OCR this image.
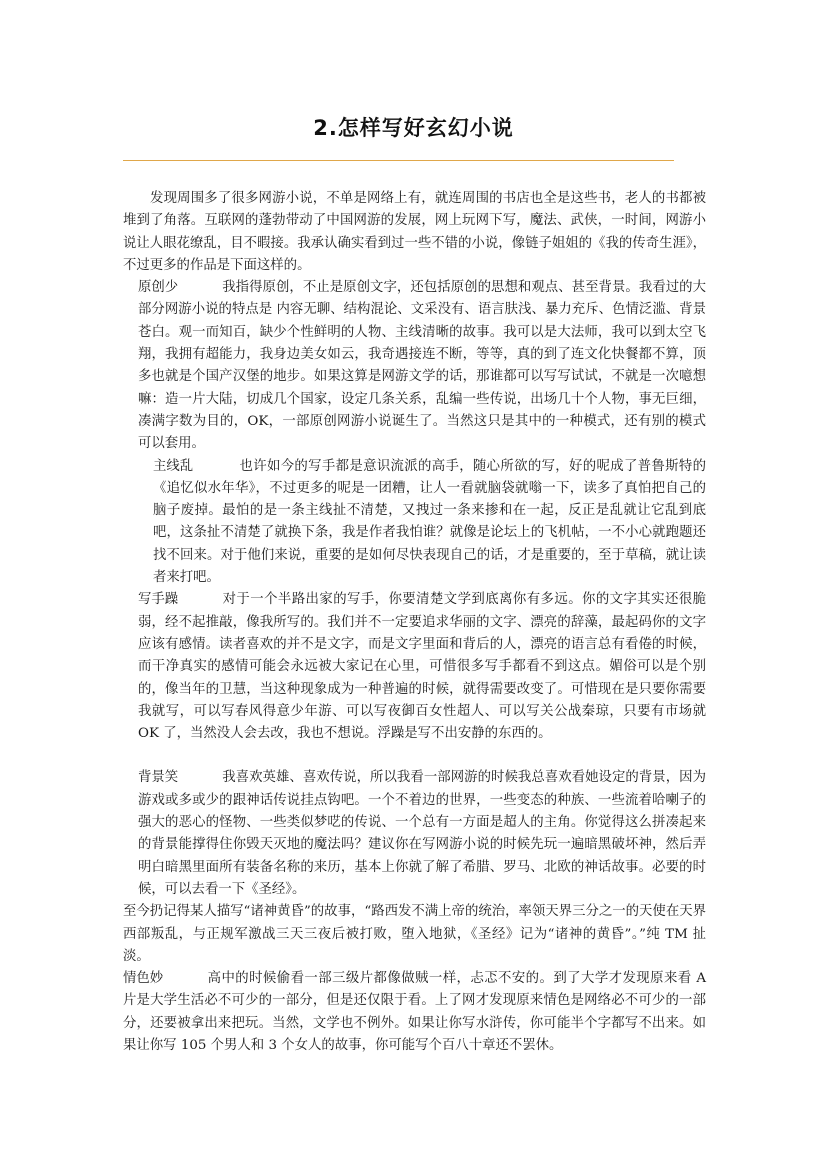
2.怎样写好玄幻小说

发现周围多了很多网游小说，不单是网络上有，就连周围的书店也全是这些书，老人的书都被堆到了角落。互联网的蓬勃带动了中国网游的发展，网上玩网下写，魔法、武侠，一时间，网游小说让人眼花缭乱，目不暇接。我承认确实看到过一些不错的小说，像链子姐姐的《我的传奇生涯》，不过更多的作品是下面这样的。

原创少	我指得原创，不止是原创文字，还包括原创的思想和观点、甚至背景。我看过的大部分网游小说的特点是 内容无聊、结构混论、文采没有、语言肤浅、暴力充斥、色情泛滥、背景苍白。观一而知百，缺少个性鲜明的人物、主线清晰的故事。我可以是大法师，我可以到太空飞翔，我拥有超能力，我身边美女如云，我奇遇接连不断，等等，真的到了连文化快餐都不算，顶多也就是个国产汉堡的地步。如果这算是网游文学的话，那谁都可以写写试试，不就是一次噫想嘛：造一片大陆，切成几个国家，设定几条关系，乱编一些传说，出场几十个人物，事无巨细，凑满字数为目的，OK，一部原创网游小说诞生了。当然这只是其中的一种模式，还有别的模式可以套用。

主线乱	也许如今的写手都是意识流派的高手，随心所欲的写，好的呢成了普鲁斯特的《追忆似水年华》，不过更多的呢是一团糟，让人一看就脑袋就嗡一下，读多了真怕把自己的脑子废掉。最怕的是一条主线扯不清楚，又拽过一条来掺和在一起，反正是乱就让它乱到底吧，这条扯不清楚了就换下条，我是作者我怕谁？就像是论坛上的飞机帖，一不小心就跑题还找不回来。对于他们来说，重要的是如何尽快表现自己的话，才是重要的，至于草稿，就让读者来打吧。

写手躁	对于一个半路出家的写手，你要清楚文学到底离你有多远。你的文字其实还很脆弱，经不起推敲，像我所写的。我们并不一定要追求华丽的文字、漂亮的辞藻，最起码你的文字应该有感情。读者喜欢的并不是文字，而是文字里面和背后的人，漂亮的语言总有看倦的时候，而干净真实的感情可能会永远被大家记在心里，可惜很多写手都看不到这点。媚俗可以是个别的，像当年的卫慧，当这种现象成为一种普遍的时候，就得需要改变了。可惜现在是只要你需要我就写，可以写春风得意少年游、可以写夜御百女性超人、可以写关公战秦琼，只要有市场就 OK 了，当然没人会去改，我也不想说。浮躁是写不出安静的东西的。

背景笑	我喜欢英雄、喜欢传说，所以我看一部网游的时候我总喜欢看她设定的背景，因为游戏或多或少的跟神话传说挂点钩吧。一个不着边的世界，一些变态的种族、一些流着哈喇子的强大的恶心的怪物、一些类似梦呓的传说、一个总有一方面是超人的主角。你觉得这么拼凑起来的背景能撑得住你毁天灭地的魔法吗？建议你在写网游小说的时候先玩一遍暗黑破坏神，然后弄明白暗黑里面所有装备名称的来历，基本上你就了解了希腊、罗马、北欧的神话故事。必要的时候，可以去看一下《圣经》。

至今扔记得某人描写“诸神黄昏”的故事，“路西发不满上帝的统治，率领天界三分之一的天使在天界西部叛乱，与正规军激战三天三夜后被打败，堕入地狱，《圣经》记为“诸神的黄昏”。”纯 TM 扯淡。

情色妙	高中的时候偷看一部三级片都像做贼一样，忐忑不安的。到了大学才发现原来看 A 片是大学生活必不可少的一部分，但是还仅限于看。上了网才发现原来情色是网络必不可少的一部分，还要被拿出来把玩。当然，文学也不例外。如果让你写水浒传，你可能半个字都写不出来。如果让你写 105 个男人和 3 个女人的故事，你可能写个百八十章还不罢休。
